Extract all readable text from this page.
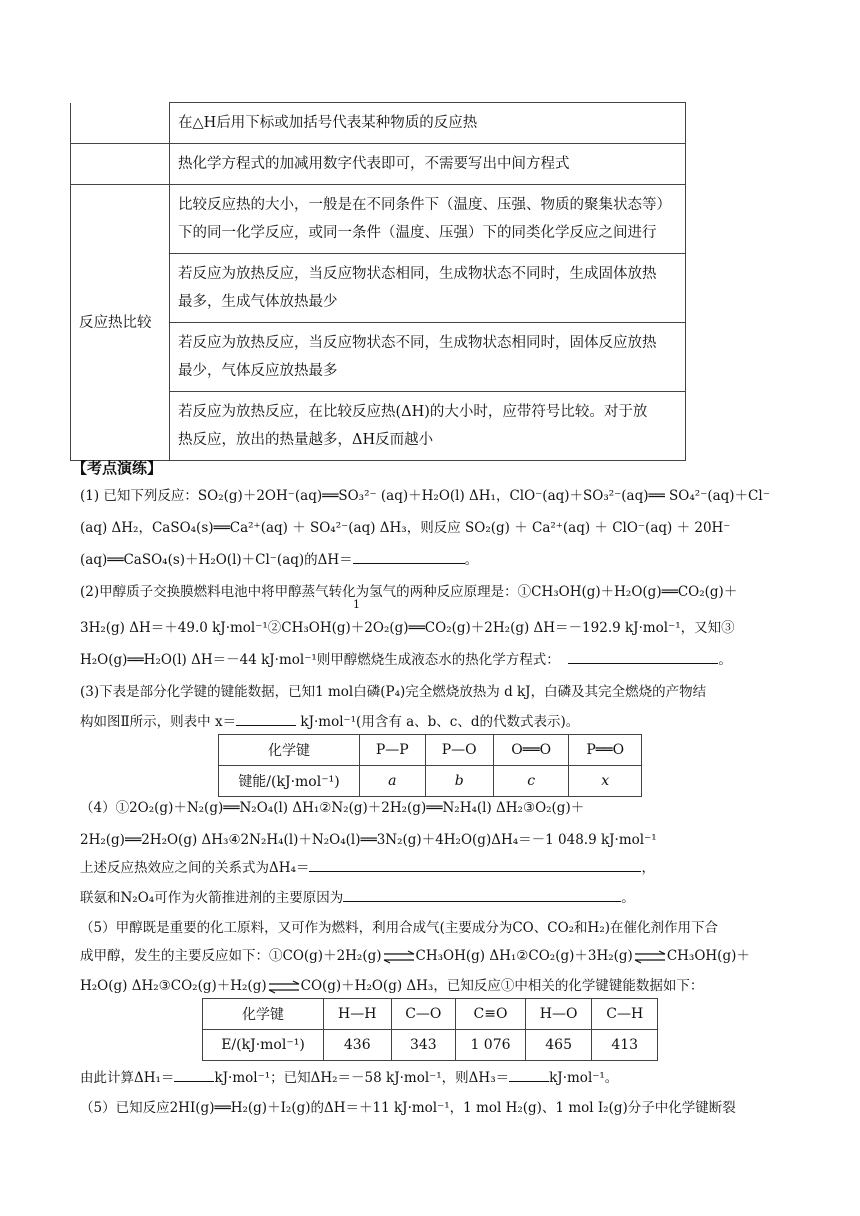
	在△H后用下标或加括号代表某种物质的反应热
	热化学方程式的加减用数字代表即可，不需要写出中间方程式
反应热比较	比较反应热的大小，一般是在不同条件下（温度、压强、物质的聚集状态等）
下的同一化学反应，或同一条件（温度、压强）下的同类化学反应之间进行

	若反应为放热反应，当反应物状态相同，生成物状态不同时，生成固体放热
最多，生成气体放热最少

	若反应为放热反应，当反应物状态不同，生成物状态相同时，固体反应放热
最少，气体反应放热最多

	若反应为放热反应，在比较反应热(ΔH)的大小时，应带符号比较。对于放
热反应，放出的热量越多，ΔH反而越小
【考点演练】
(1) 已知下列反应：SO₂(g)＋2OH⁻(aq)══SO₃²⁻ (aq)＋H₂O(l) ΔH₁，ClO⁻(aq)＋SO₃²⁻(aq)══ SO₄²⁻(aq)＋Cl⁻
(aq) ΔH₂，CaSO₄(s)══Ca²⁺(aq) ＋ SO₄²⁻(aq) ΔH₃，则反应 SO₂(g) ＋ Ca²⁺(aq) ＋ ClO⁻(aq) ＋ 20H⁻
(aq)══CaSO₄(s)＋H₂O(l)＋Cl⁻(aq)的ΔH＝	。
(2)甲醇质子交换膜燃料电池中将甲醇蒸气转化为氢气的两种反应原理是：①CH₃OH(g)＋H₂O(g)══CO₂(g)＋
1
3H₂(g) ΔH＝＋49.0 kJ·mol⁻¹②CH₃OH(g)＋2O₂(g)══CO₂(g)＋2H₂(g) ΔH＝－192.9 kJ·mol⁻¹，又知③
H₂O(g)══H₂O(l) ΔH＝－44 kJ·mol⁻¹则甲醇燃烧生成液态水的热化学方程式：	。
(3)下表是部分化学键的键能数据，已知1 mol白磷(P₄)完全燃烧放热为 d kJ，白磷及其完全燃烧的产物结
构如图Ⅱ所示，则表中 x＝	kJ·mol⁻¹(用含有 a、b、c、d的代数式表示)。
化学键	P—P	P—O	O══O	P══O
键能/(kJ·mol⁻¹)	a	b	c	x
（4）①2O₂(g)＋N₂(g)══N₂O₄(l) ΔH₁②N₂(g)＋2H₂(g)══N₂H₄(l) ΔH₂③O₂(g)＋
2H₂(g)══2H₂O(g) ΔH₃④2N₂H₄(l)＋N₂O₄(l)══3N₂(g)＋4H₂O(g)ΔH₄＝－1 048.9 kJ·mol⁻¹
上述反应热效应之间的关系式为ΔH₄＝	，
联氨和N₂O₄可作为火箭推进剂的主要原因为	。
（5）甲醇既是重要的化工原料，又可作为燃料，利用合成气(主要成分为CO、CO₂和H₂)在催化剂作用下合
成甲醇，发生的主要反应如下：①CO(g)＋2H₂(g)⇌CH₃OH(g) ΔH₁②CO₂(g)＋3H₂(g)⇌CH₃OH(g)＋
H₂O(g) ΔH₂③CO₂(g)＋H₂(g)⇌CO(g)＋H₂O(g) ΔH₃，已知反应①中相关的化学键键能数据如下：
化学键	H—H	C—O	C≡O	H—O	C—H
E/(kJ·mol⁻¹)	436	343	1 076	465	413
由此计算ΔH₁＝	kJ·mol⁻¹；已知ΔH₂＝－58 kJ·mol⁻¹，则ΔH₃＝	kJ·mol⁻¹。
（5）已知反应2HI(g)══H₂(g)＋I₂(g)的ΔH＝＋11 kJ·mol⁻¹，1 mol H₂(g)、1 mol I₂(g)分子中化学键断裂
